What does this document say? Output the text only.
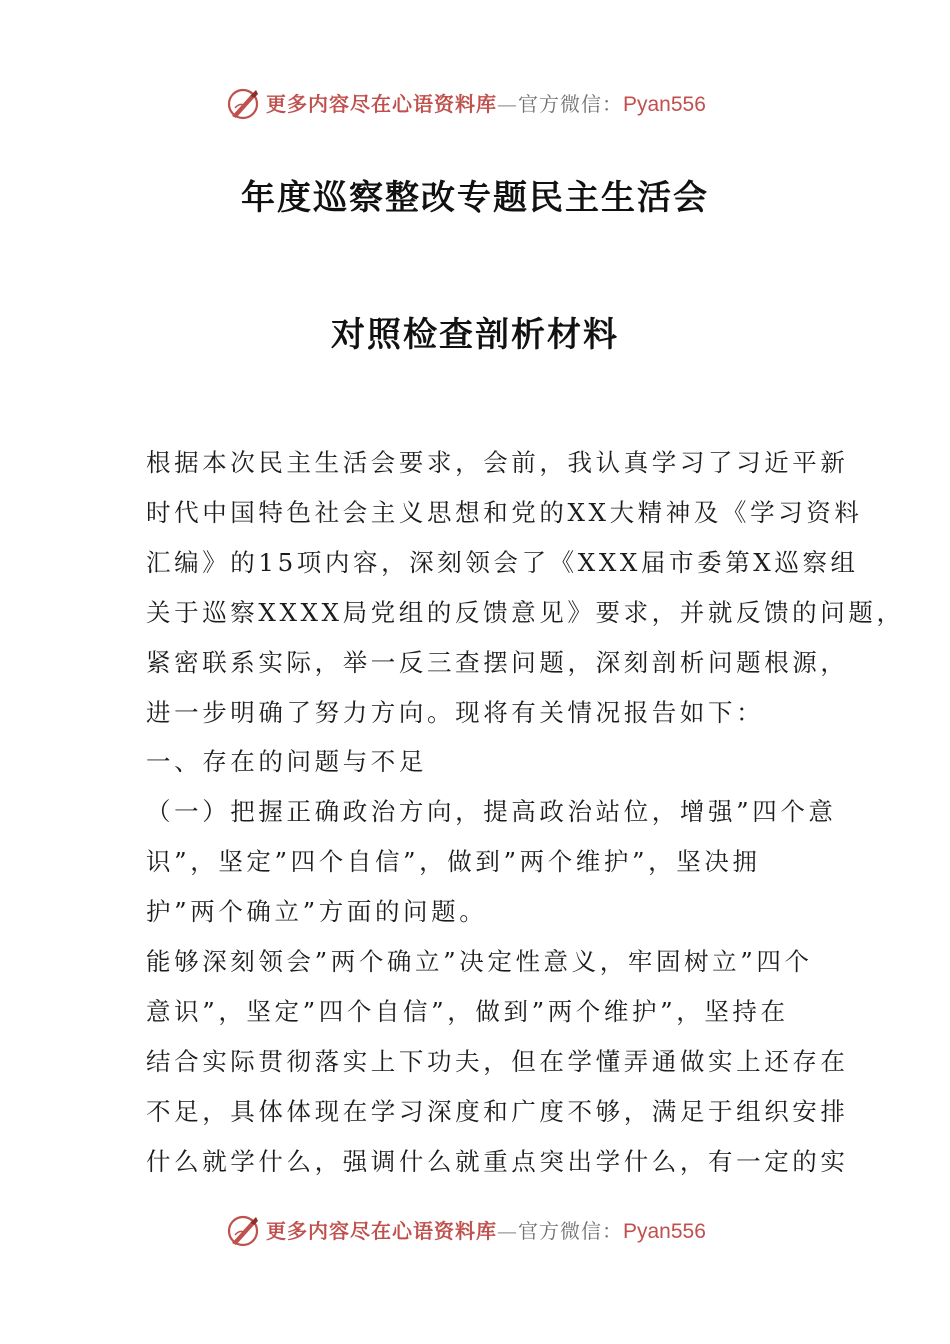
更多内容尽在心语资料库—官方微信：Pyan556
年度巡察整改专题民主生活会
对照检查剖析材料
根据本次民主生活会要求，会前，我认真学习了习近平新
时代中国特色社会主义思想和党的XX大精神及《学习资料
汇编》的15项内容，深刻领会了《XXX届市委第X巡察组
关于巡察XXXX局党组的反馈意见》要求，并就反馈的问题，
紧密联系实际，举一反三查摆问题，深刻剖析问题根源，
进一步明确了努力方向。现将有关情况报告如下：
一、存在的问题与不足
（一）把握正确政治方向，提高政治站位，增强”四个意
识”，坚定”四个自信”，做到”两个维护”，坚决拥
护”两个确立”方面的问题。
能够深刻领会”两个确立”决定性意义，牢固树立”四个
意识”，坚定”四个自信”，做到”两个维护”，坚持在
结合实际贯彻落实上下功夫，但在学懂弄通做实上还存在
不足，具体体现在学习深度和广度不够，满足于组织安排
什么就学什么，强调什么就重点突出学什么，有一定的实
更多内容尽在心语资料库—官方微信：Pyan556
